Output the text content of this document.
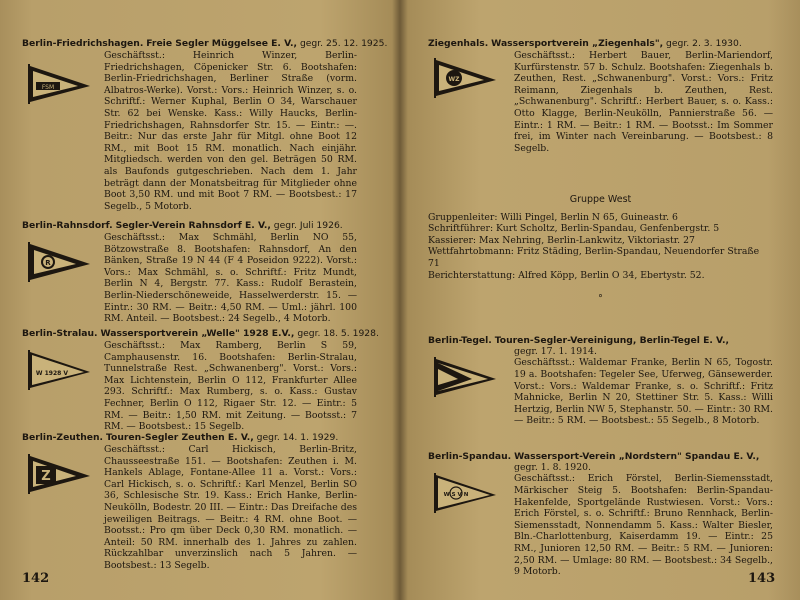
Berlin-Friedrichshagen. Freie Segler Müggelsee E. V., gegr. 25. 12. 1925.
FSM
Geschäftsst.: Heinrich Winzer, Berlin-Friedrichshagen, Cöpenicker Str. 6. Bootshafen: Berlin-Friedrichshagen, Berliner Straße (vorm. Albatros-Werke). Vorst.: Vors.: Heinrich Winzer, s. o. Schriftf.: Werner Kuphal, Berlin O 34, Warschauer Str. 62 bei Wenske. Kass.: Willy Haucks, Berlin-Friedrichshagen, Rahnsdorfer Str. 15. — Eintr.: —. Beitr.: Nur das erste Jahr für Mitgl. ohne Boot 12 RM., mit Boot 15 RM. monatlich. Nach einjähr. Mitgliedsch. werden von den gel. Beträgen 50 RM. als Baufonds gutgeschrieben. Nach dem 1. Jahr beträgt dann der Monatsbeitrag für Mitglieder ohne Boot 3,50 RM. und mit Boot 7 RM. — Bootsbest.: 17 Segelb., 5 Motorb.
Berlin-Rahnsdorf. Segler-Verein Rahnsdorf E. V., gegr. Juli 1926.
R
Geschäftsst.: Max Schmähl, Berlin NO 55, Bötzowstraße 8. Bootshafen: Rahnsdorf, An den Bänken, Straße 19 N 44 (F 4 Poseidon 9222). Vorst.: Vors.: Max Schmähl, s. o. Schriftf.: Fritz Mundt, Berlin N 4, Bergstr. 77. Kass.: Rudolf Berastein, Berlin-Niederschöneweide, Hasselwerderstr. 15. — Eintr.: 30 RM. — Beitr.: 4,50 RM. — Uml.: jährl. 100 RM. Anteil. — Bootsbest.: 24 Segelb., 4 Motorb.
Berlin-Stralau. Wassersportverein „Welle" 1928 E.V., gegr. 18. 5. 1928.
W 1928 V
Geschäftsst.: Max Ramberg, Berlin S 59, Camphausenstr. 16. Bootshafen: Berlin-Stralau, Tunnelstraße Rest. „Schwanenberg". Vorst.: Vors.: Max Lichtenstein, Berlin O 112, Frankfurter Allee 293. Schriftf.: Max Rumberg, s. o. Kass.: Gustav Fechner, Berlin O 112, Rigaer Str. 12. — Eintr.: 5 RM. — Beitr.: 1,50 RM. mit Zeitung. — Bootsst.: 7 RM. — Bootsbest.: 15 Segelb.
Berlin-Zeuthen. Touren-Segler Zeuthen E. V., gegr. 14. 1. 1929.
Z
Geschäftsst.: Carl Hickisch, Berlin-Britz, Chausseestraße 151. — Bootshafen: Zeuthen i. M. Hankels Ablage, Fontane-Allee 11 a. Vorst.: Vors.: Carl Hickisch, s. o. Schriftf.: Karl Menzel, Berlin SO 36, Schlesische Str. 19. Kass.: Erich Hanke, Berlin-Neukölln, Bodestr. 20 III. — Eintr.: Das Dreifache des jeweiligen Beitrags. — Beitr.: 4 RM. ohne Boot. — Bootsst.: Pro qm über Deck 0,30 RM. monatlich. — Anteil: 50 RM. innerhalb des 1. Jahres zu zahlen. Rückzahlbar unverzinslich nach 5 Jahren. — Bootsbest.: 13 Segelb.
142
Ziegenhals. Wassersportverein „Ziegenhals", gegr. 2. 3. 1930.
WZ
Geschäftsst.: Herbert Bauer, Berlin-Mariendorf, Kurfürstenstr. 57 b. Schulz. Bootshafen: Ziegenhals b. Zeuthen, Rest. „Schwanenburg". Vorst.: Vors.: Fritz Reimann, Ziegenhals b. Zeuthen, Rest. „Schwanenburg". Schriftf.: Herbert Bauer, s. o. Kass.: Otto Klagge, Berlin-Neukölln, Pannierstraße 56. — Eintr.: 1 RM. — Beitr.: 1 RM. — Bootsst.: Im Sommer frei, im Winter nach Vereinbarung. — Bootsbest.: 8 Segelb.
Gruppe West
Gruppenleiter: Willi Pingel, Berlin N 65, Guineastr. 6
Schriftführer: Kurt Scholtz, Berlin-Spandau, Genfenbergstr. 5
Kassierer: Max Nehring, Berlin-Lankwitz, Viktoriastr. 27
Wettfahrtobmann: Fritz Städing, Berlin-Spandau, Neuendorfer Straße 71
Berichterstattung: Alfred Köpp, Berlin O 34, Ebertystr. 52.
°
Berlin-Tegel. Touren-Segler-Vereinigung, Berlin-Tegel E. V.,
gegr. 17. 1. 1914.
Geschäftsst.: Waldemar Franke, Berlin N 65, Togostr. 19 a. Bootshafen: Tegeler See, Uferweg, Gänsewerder. Vorst.: Vors.: Waldemar Franke, s. o. Schriftf.: Fritz Mahnicke, Berlin N 20, Stettiner Str. 5. Kass.: Willi Hertzig, Berlin NW 5, Stephanstr. 50. — Eintr.: 30 RM. — Beitr.: 5 RM. — Bootsbest.: 55 Segelb., 8 Motorb.
Berlin-Spandau. Wassersport-Verein „Nordstern" Spandau E. V.,
gegr. 1. 8. 1920.
W S V N
Geschäftsst.: Erich Förstel, Berlin-Siemensstadt, Märkischer Steig 5. Bootshafen: Berlin-Spandau-Hakenfelde, Sportgelände Rustwiesen. Vorst.: Vors.: Erich Förstel, s. o. Schriftf.: Bruno Rennhack, Berlin-Siemensstadt, Nonnendamm 5. Kass.: Walter Biesler, Bln.-Charlottenburg, Kaiserdamm 19. — Eintr.: 25 RM., Junioren 12,50 RM. — Beitr.: 5 RM. — Junioren: 2,50 RM. — Umlage: 80 RM. — Bootsbest.: 34 Segelb., 9 Motorb.	143
